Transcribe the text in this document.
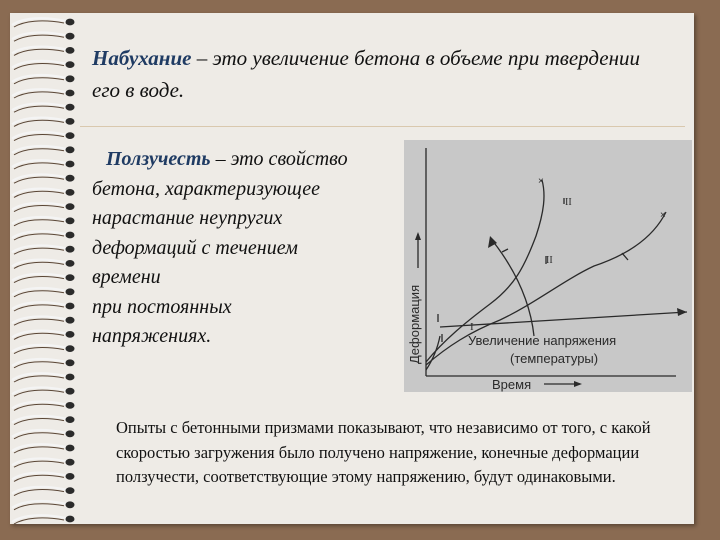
Набухание – это увеличение бетона в объеме при твердении его в воде.
Ползучесть – это свойство
бетона, характеризующее
нарастание неупругих
деформаций с течением
времени
при постоянных
напряжениях.
II
II
I
×
×
Увеличение напряжения
(температуры)
Время
Деформация
Опыты с бетонными призмами показывают, что независимо от того, с какой скоростью загружения было получено напряжение, конечные деформации ползучести, соответствующие этому напряжению, будут одинаковыми.
